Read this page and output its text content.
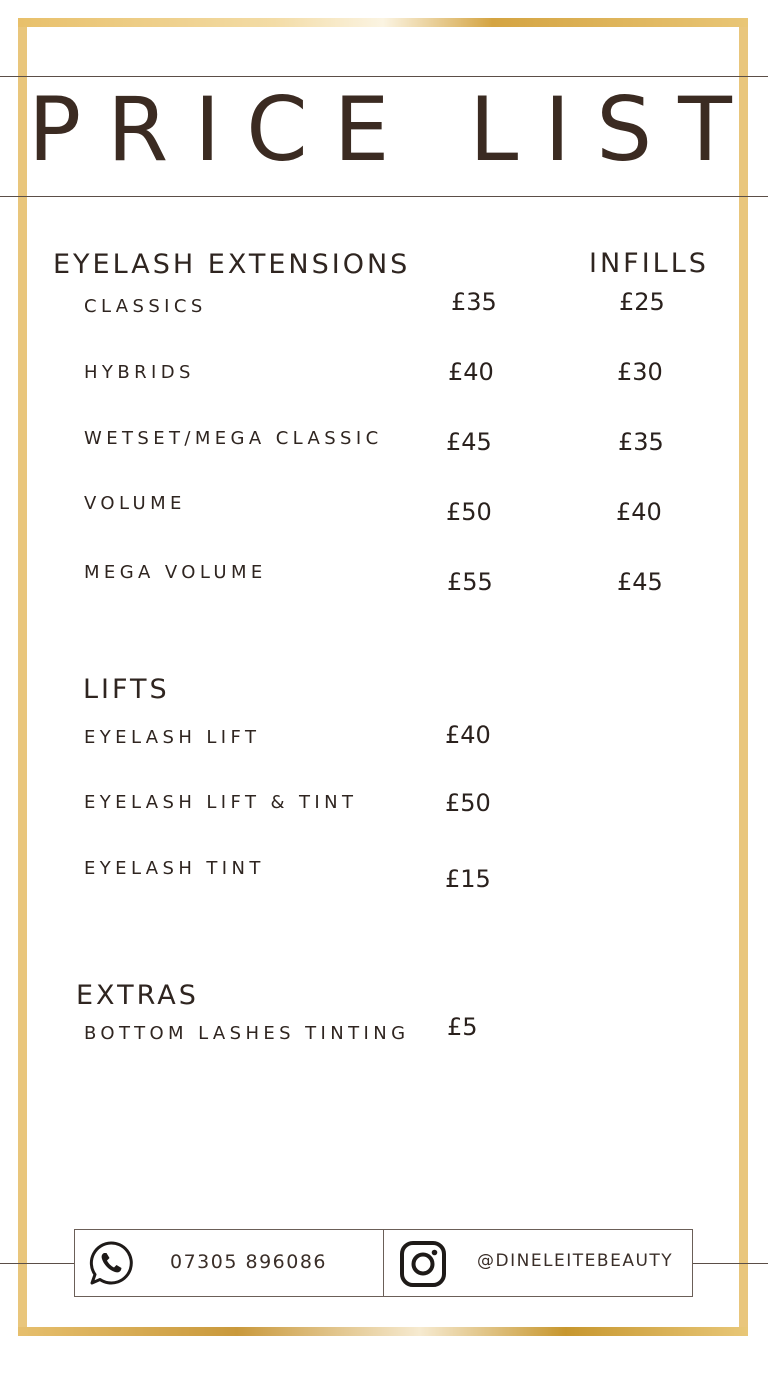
PRICE LIST
EYELASH EXTENSIONS	INFILLS
CLASSICS	£35	£25
HYBRIDS	£40	£30
WETSET/MEGA CLASSIC	£45	£35
VOLUME	£50	£40
MEGA VOLUME	£55	£45
LIFTS
EYELASH LIFT	£40
EYELASH LIFT & TINT	£50
EYELASH TINT	£15
EXTRAS
BOTTOM LASHES TINTING £5
07305 896086	@DINELEITEBEAUTY
